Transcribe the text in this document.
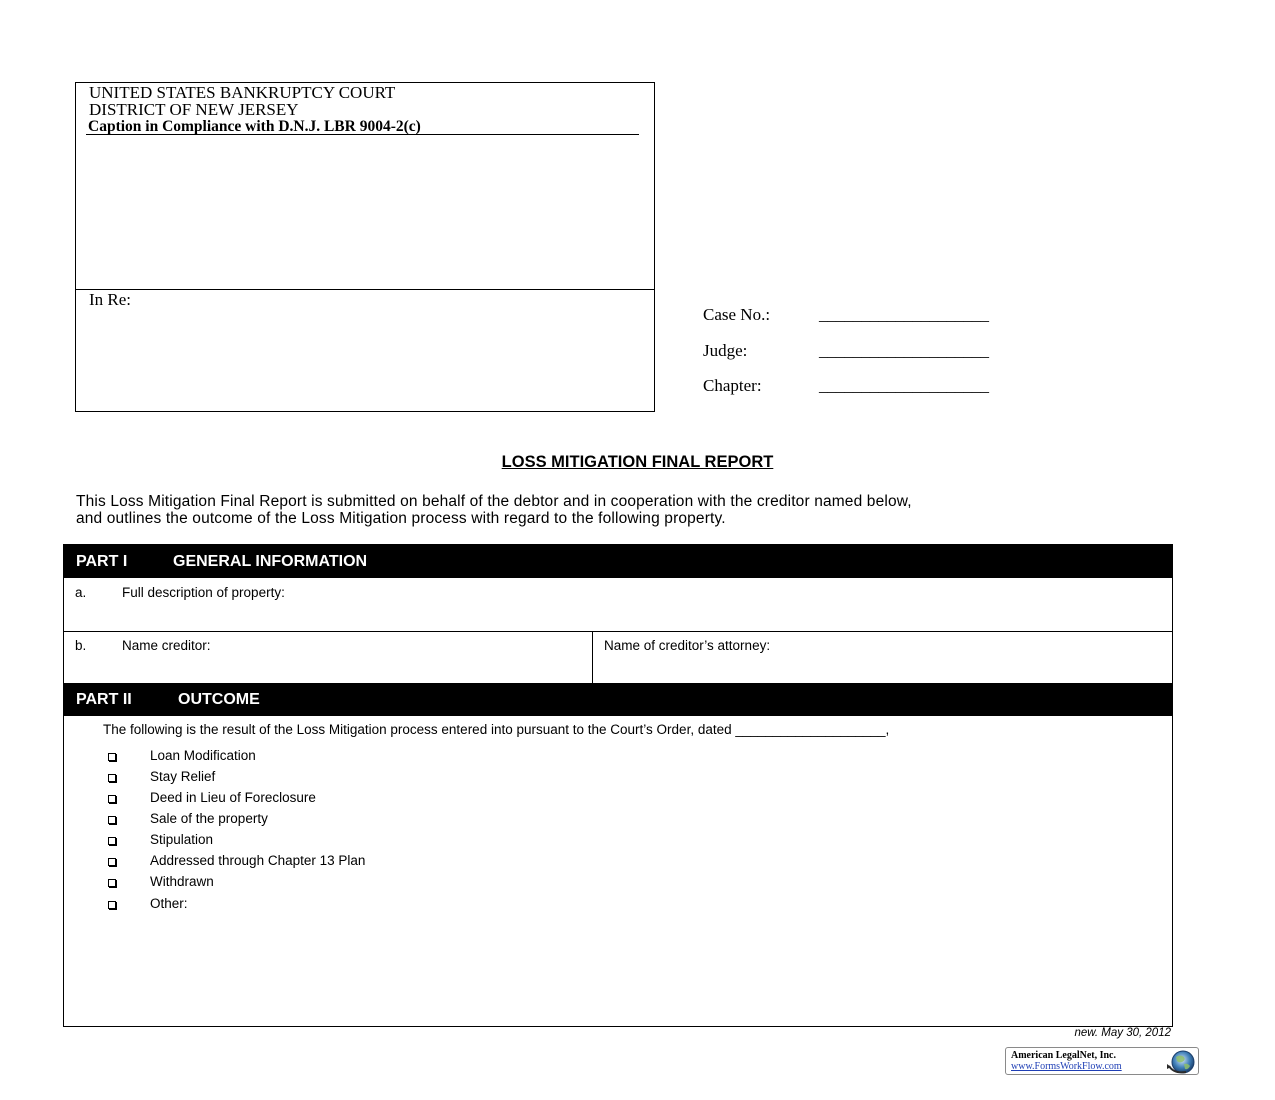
UNITED STATES BANKRUPTCY COURT
DISTRICT OF NEW JERSEY
Caption in Compliance with D.N.J. LBR 9004-2(c)
In Re:
Case No.:	____________________
Judge:	____________________
Chapter:	____________________
LOSS MITIGATION FINAL REPORT
This Loss Mitigation Final Report is submitted on behalf of the debtor and in cooperation with the creditor named below,
and outlines the outcome of the Loss Mitigation process with regard to the following property.
PART I	GENERAL INFORMATION
a.	Full description of property:
b.	Name creditor:	Name of creditor’s attorney:
PART II	OUTCOME
The following is the result of the Loss Mitigation process entered into pursuant to the Court’s Order, dated ____________________,
Loan Modification
Stay Relief
Deed in Lieu of Foreclosure
Sale of the property
Stipulation
Addressed through Chapter 13 Plan
Withdrawn
Other:
new. May 30, 2012
American LegalNet, Inc.
www.FormsWorkFlow.com
